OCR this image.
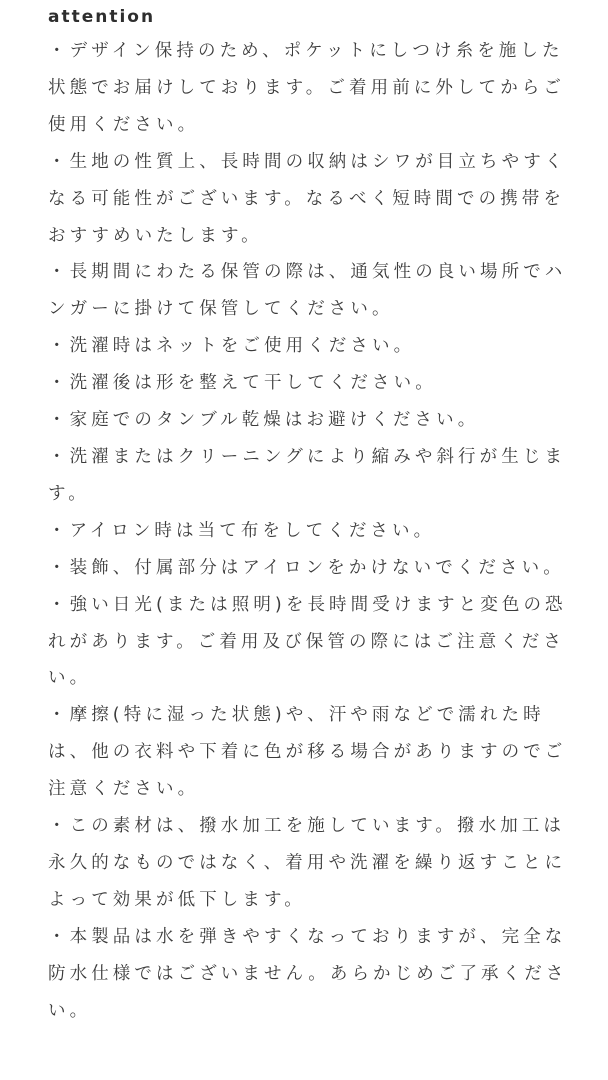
attention
・デザイン保持のため、ポケットにしつけ糸を施した状態でお届けしております。ご着用前に外してからご使用ください。
・生地の性質上、長時間の収納はシワが目立ちやすくなる可能性がございます。なるべく短時間での携帯をおすすめいたします。
・長期間にわたる保管の際は、通気性の良い場所でハンガーに掛けて保管してください。
・洗濯時はネットをご使用ください。
・洗濯後は形を整えて干してください。
・家庭でのタンブル乾燥はお避けください。
・洗濯またはクリーニングにより縮みや斜行が生じます。
・アイロン時は当て布をしてください。
・装飾、付属部分はアイロンをかけないでください。
・強い日光(または照明)を長時間受けますと変色の恐れがあります。ご着用及び保管の際にはご注意ください。
・摩擦(特に湿った状態)や、汗や雨などで濡れた時は、他の衣料や下着に色が移る場合がありますのでご注意ください。
・この素材は、撥水加工を施しています。撥水加工は永久的なものではなく、着用や洗濯を繰り返すことによって効果が低下します。
・本製品は水を弾きやすくなっておりますが、完全な防水仕様ではございません。あらかじめご了承ください。
